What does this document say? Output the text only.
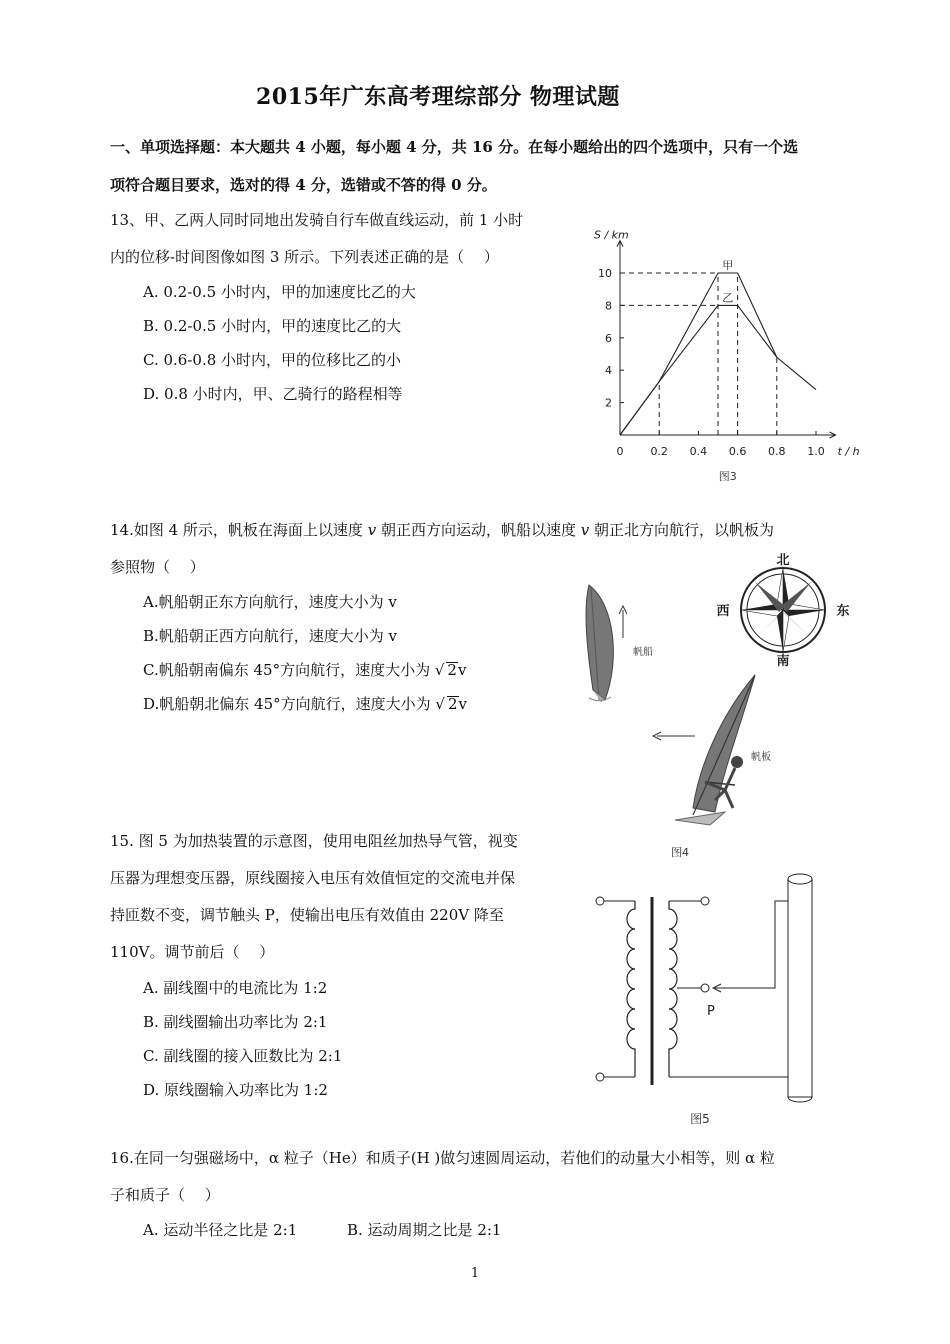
2015年广东高考理综部分 物理试题
一、单项选择题：本大题共 4 小题，每小题 4 分，共 16 分。在每小题给出的四个选项中，只有一个选
项符合题目要求，选对的得 4 分，选错或不答的得 0 分。
13、甲、乙两人同时同地出发骑自行车做直线运动，前 1 小时
内的位移-时间图像如图 3 所示。下列表述正确的是（　 ）
A. 0.2-0.5 小时内，甲的加速度比乙的大
B. 0.2-0.5 小时内，甲的速度比乙的大
C. 0.6-0.8 小时内，甲的位移比乙的小
D. 0.8 小时内，甲、乙骑行的路程相等
S / km
t / h
0 0.2 0.4 0.6 0.8 1.0
2
4
6
8
10
甲
乙
图3
14.如图 4 所示，帆板在海面上以速度 v 朝正西方向运动，帆船以速度 v 朝正北方向航行，以帆板为
参照物（　 ）
A.帆船朝正东方向航行，速度大小为 v
B.帆船朝正西方向航行，速度大小为 v
C.帆船朝南偏东 45°方向航行，速度大小为 √ 2v
D.帆船朝北偏东 45°方向航行，速度大小为 √ 2v
帆船
北
南
西	东
帆板
图4
15. 图 5 为加热装置的示意图，使用电阻丝加热导气管，视变
压器为理想变压器，原线圈接入电压有效值恒定的交流电并保
持匝数不变，调节触头 P，使输出电压有效值由 220V 降至
110V。调节前后（　 ）
A. 副线圈中的电流比为 1:2
B. 副线圈输出功率比为 2:1
C. 副线圈的接入匝数比为 2:1
D. 原线圈输入功率比为 1:2
P
图5
16.在同一匀强磁场中，α 粒子（He）和质子(H )做匀速圆周运动，若他们的动量大小相等，则 α 粒
子和质子（　 ）
A. 运动半径之比是 2:1	B. 运动周期之比是 2:1
1
